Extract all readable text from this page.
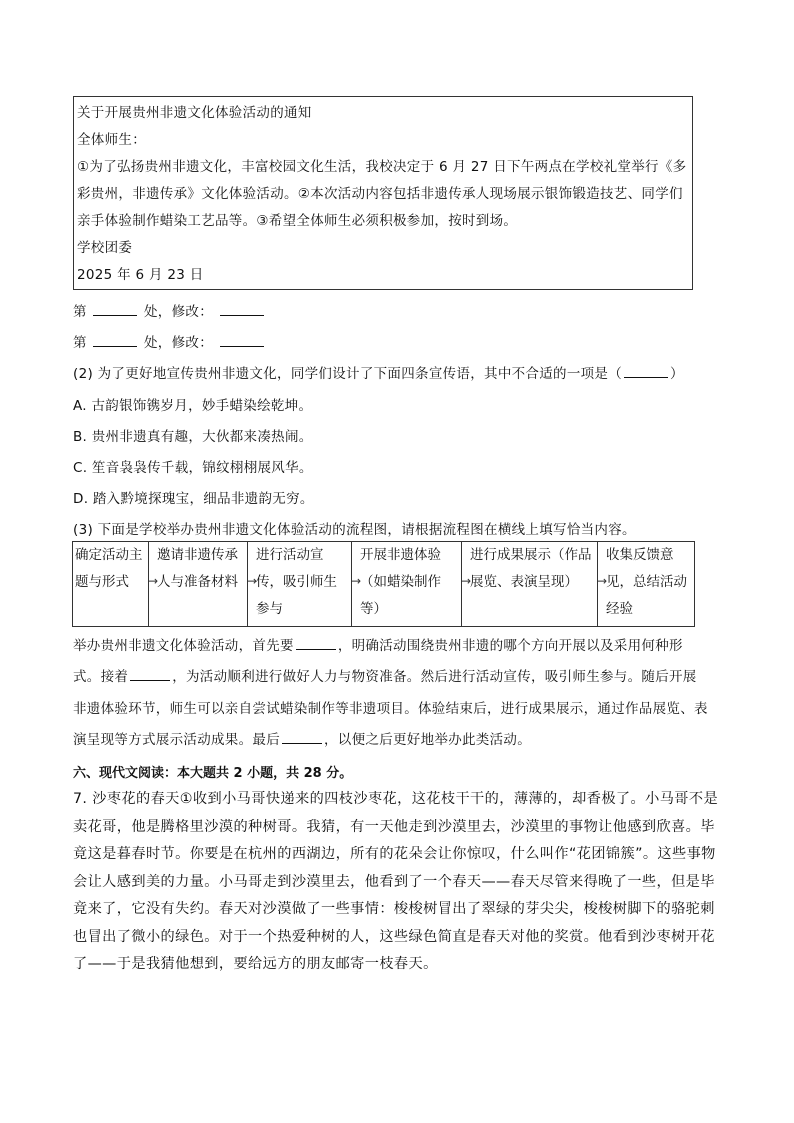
关于开展贵州非遗文化体验活动的通知
全体师生：
①为了弘扬贵州非遗文化，丰富校园文化生活，我校决定于 6 月 27 日下午两点在学校礼堂举行《多
彩贵州，非遗传承》文化体验活动。②本次活动内容包括非遗传承人现场展示银饰锻造技艺、同学们
亲手体验制作蜡染工艺品等。③希望全体师生必须积极参加，按时到场。
学校团委
2025 年 6 月 23 日
第	处，修改：
第	处，修改：
(2) 为了更好地宣传贵州非遗文化，同学们设计了下面四条宣传语，其中不合适的一项是（	）
A. 古韵银饰镌岁月，妙手蜡染绘乾坤。
B. 贵州非遗真有趣，大伙都来凑热闹。
C. 笙音袅袅传千载，锦纹栩栩展风华。
D. 踏入黔境探瑰宝，细品非遗韵无穷。
(3) 下面是学校举办贵州非遗文化体验活动的流程图，请根据流程图在横线上填写恰当内容。
确定活动主题与形式	邀请非遗传承人与准备材料	进行活动宣传，吸引师生参与	开展非遗体验（如蜡染制作等）	进行成果展示（作品展览、表演呈现）	收集反馈意见，总结活动经验
→	→	→	→	→
举办贵州非遗文化体验活动，首先要	，明确活动围绕贵州非遗的哪个方向开展以及采用何种形
式。接着	，为活动顺利进行做好人力与物资准备。然后进行活动宣传，吸引师生参与。随后开展
非遗体验环节，师生可以亲自尝试蜡染制作等非遗项目。体验结束后，进行成果展示，通过作品展览、表
演呈现等方式展示活动成果。最后	，以便之后更好地举办此类活动。
六、现代文阅读：本大题共 2 小题，共 28 分。
7. 沙枣花的春天①收到小马哥快递来的四枝沙枣花，这花枝干干的，薄薄的，却香极了。小马哥不是卖花哥，他是腾格里沙漠的种树哥。我猜，有一天他走到沙漠里去，沙漠里的事物让他感到欣喜。毕竟这是暮春时节。你要是在杭州的西湖边，所有的花朵会让你惊叹，什么叫作“花团锦簇”。这些事物会让人感到美的力量。小马哥走到沙漠里去，他看到了一个春天——春天尽管来得晚了一些，但是毕竟来了，它没有失约。春天对沙漠做了一些事情：梭梭树冒出了翠绿的芽尖尖，梭梭树脚下的骆驼刺也冒出了微小的绿色。对于一个热爱种树的人，这些绿色简直是春天对他的奖赏。他看到沙枣树开花了——于是我猜他想到，要给远方的朋友邮寄一枝春天。
